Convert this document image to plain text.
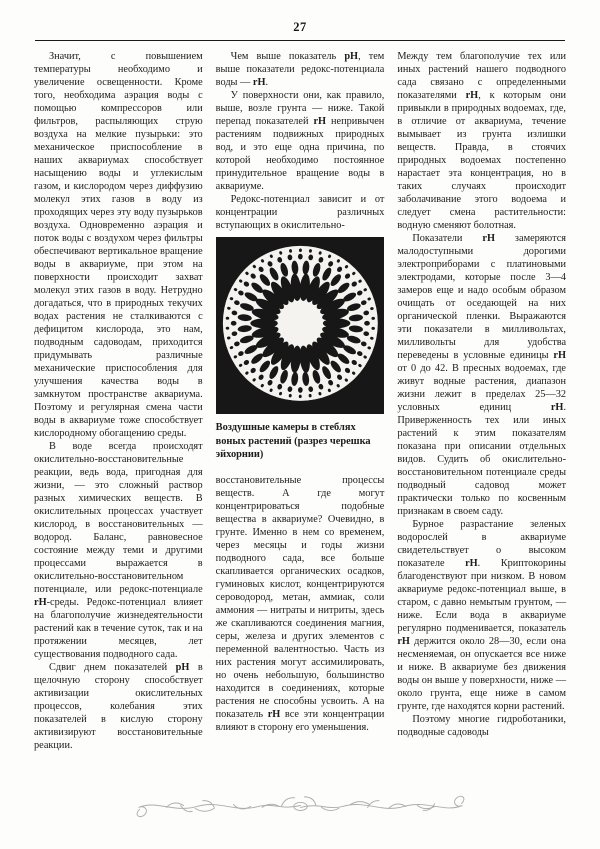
27

Значит, с повышением температуры необходимо и увеличение освещенности. Кроме того, необходима аэрация воды с помощью компрессоров или фильтров, распыляющих струю воздуха на мелкие пузырьки: это механическое приспособление в наших аквариумах способствует насыщению воды и углекислым газом, и кислородом через диффузию молекул этих газов в воду из проходящих через эту воду пузырьков воздуха. Одновременно аэрация и поток воды с воздухом через фильтры обеспечивают вертикальное вращение воды в аквариуме, при этом на поверхности происходит захват молекул этих газов в воду. Нетрудно догадаться, что в природных текучих водах растения не сталкиваются с дефицитом кислорода, это нам, подводным садоводам, приходится придумывать различные механические приспособления для улучшения качества воды в замкнутом пространстве аквариума. Поэтому и регулярная смена части воды в аквариуме тоже способствует кислородному обогащению среды.

В воде всегда происходят окислительно-восстановительные реакции, ведь вода, пригодная для жизни, — это сложный раствор разных химических веществ. В окислительных процессах участвует кислород, в восстановительных — водород. Баланс, равновесное состояние между теми и другими процессами выражается в окислительно-восстановительном потенциале, или редокс-потенциале rH-среды. Редокс-потенциал влияет на благополучие жизнедеятельности растений как в течение суток, так и на протяжении месяцев, лет существования подводного сада.

Сдвиг днем показателей pH в щелочную сторону способствует активизации окислительных процессов, колебания этих показателей в кислую сторону активизируют восстановительные реакции.

Чем выше показатель pH, тем выше показатели редокс-потенциала воды — rH.

У поверхности они, как правило, выше, возле грунта — ниже. Такой перепад показателей rH непривычен растениям подвижных природных вод, и это еще одна причина, по которой необходимо постоянное принудительное вращение воды в аквариуме.

Редокс-потенциал зависит и от концентрации различных вступающих в окислительно-

Воздушные камеры в стеблях воных растений (разрез черешка эйхорнии)

восстановительные процессы веществ. А где могут концентрироваться подобные вещества в аквариуме? Очевидно, в грунте. Именно в нем со временем, через месяцы и годы жизни подводного сада, все больше скапливается органических осадков, гуминовых кислот, концентрируются сероводород, метан, аммиак, соли аммония — нитраты и нитриты, здесь же скапливаются соединения магния, серы, железа и других элементов с переменной валентностью. Часть из них растения могут ассимилировать, но очень небольшую, большинство находится в соединениях, которые растения не способны усвоить. А на показатель rH все эти концентрации влияют в сторону его уменьшения.

Между тем благополучие тех или иных растений нашего подводного сада связано с определенными показателями rH, к которым они привыкли в природных водоемах, где, в отличие от аквариума, течение вымывает из грунта излишки веществ. Правда, в стоячих природных водоемах постепенно нарастает эта концентрация, но в таких случаях происходит заболачивание этого водоема и следует смена растительности: водную сменяют болотная.

Показатели rH замеряются малодоступными дорогими электроприборами с платиновыми электродами, которые после 3—4 замеров еще и надо особым образом очищать от оседающей на них органической пленки. Выражаются эти показатели в милливольтах, милливольты для удобства переведены в условные единицы rH от 0 до 42. В пресных водоемах, где живут водные растения, диапазон жизни лежит в пределах 25—32 условных единиц rH. Приверженность тех или иных растений к этим показателям показана при описании отдельных видов. Судить об окислительно-восстановительном потенциале среды подводный садовод может практически только по косвенным признакам в своем саду.

Бурное разрастание зеленых водорослей в аквариуме свидетельствует о высоком показателе rH. Криптокорины благоденствуют при низком. В новом аквариуме редокс-потенциал выше, в старом, с давно немытым грунтом, — ниже. Если вода в аквариуме регулярно подменивается, показатель rH держится около 28—30, если она несменяемая, он опускается все ниже и ниже. В аквариуме без движения воды он выше у поверхности, ниже — около грунта, еще ниже в самом грунте, где находятся корни растений.

Поэтому многие гидроботаники, подводные садоводы
